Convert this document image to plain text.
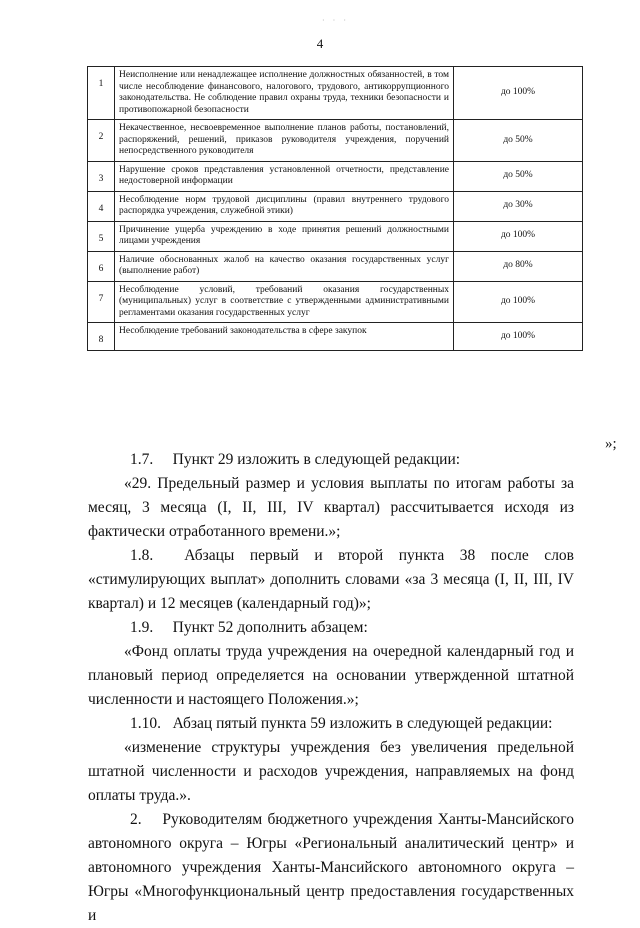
· · ·
4
1	Неисполнение или ненадлежащее исполнение должностных обязанностей, в том числе несоблюдение финансового, налогового, трудового, антикоррупционного законодательства. Не соблюдение правил охраны труда, техники безопасности и противопожарной безопасности	до 100%
2	Некачественное, несвоевременное выполнение планов работы, постановлений, распоряжений, решений, приказов руководителя учреждения, поручений непосредственного руководителя	до 50%
3	Нарушение сроков представления установленной отчетности, представление недостоверной информации	до 50%
4	Несоблюдение норм трудовой дисциплины (правил внутреннего трудового распорядка учреждения, служебной этики)	до 30%
5	Причинение ущерба учреждению в ходе принятия решений должностными лицами учреждения	до 100%
6	Наличие обоснованных жалоб на качество оказания государственных услуг (выполнение работ)	до 80%
7	Несоблюдение условий, требований оказания государственных (муниципальных) услуг в соответствие с утвержденными административными регламентами оказания государственных услуг	до 100%
8	Несоблюдение требований законодательства в сфере закупок	до 100%
»;

1.7.  Пункт 29 изложить в следующей редакции:

«29. Предельный размер и условия выплаты по итогам работы за месяц, 3 месяца (I, II, III, IV квартал) рассчитывается исходя из фактически отработанного времени.»;

1.8.  Абзацы первый и второй пункта 38 после слов «стимулирующих выплат» дополнить словами «за 3 месяца (I, II, III, IV квартал) и 12 месяцев (календарный год)»;

1.9.  Пункт 52 дополнить абзацем:

«Фонд оплаты труда учреждения на очередной календарный год и плановый период определяется на основании утвержденной штатной численности и настоящего Положения.»;

1.10.  Абзац пятый пункта 59 изложить в следующей редакции:

«изменение структуры учреждения без увеличения предельной штатной численности и расходов учреждения, направляемых на фонд оплаты труда.».

2.  Руководителям бюджетного учреждения Ханты-Мансийского автономного округа – Югры «Региональный аналитический центр» и автономного учреждения Ханты-Мансийского автономного округа – Югры «Многофункциональный центр предоставления государственных и
